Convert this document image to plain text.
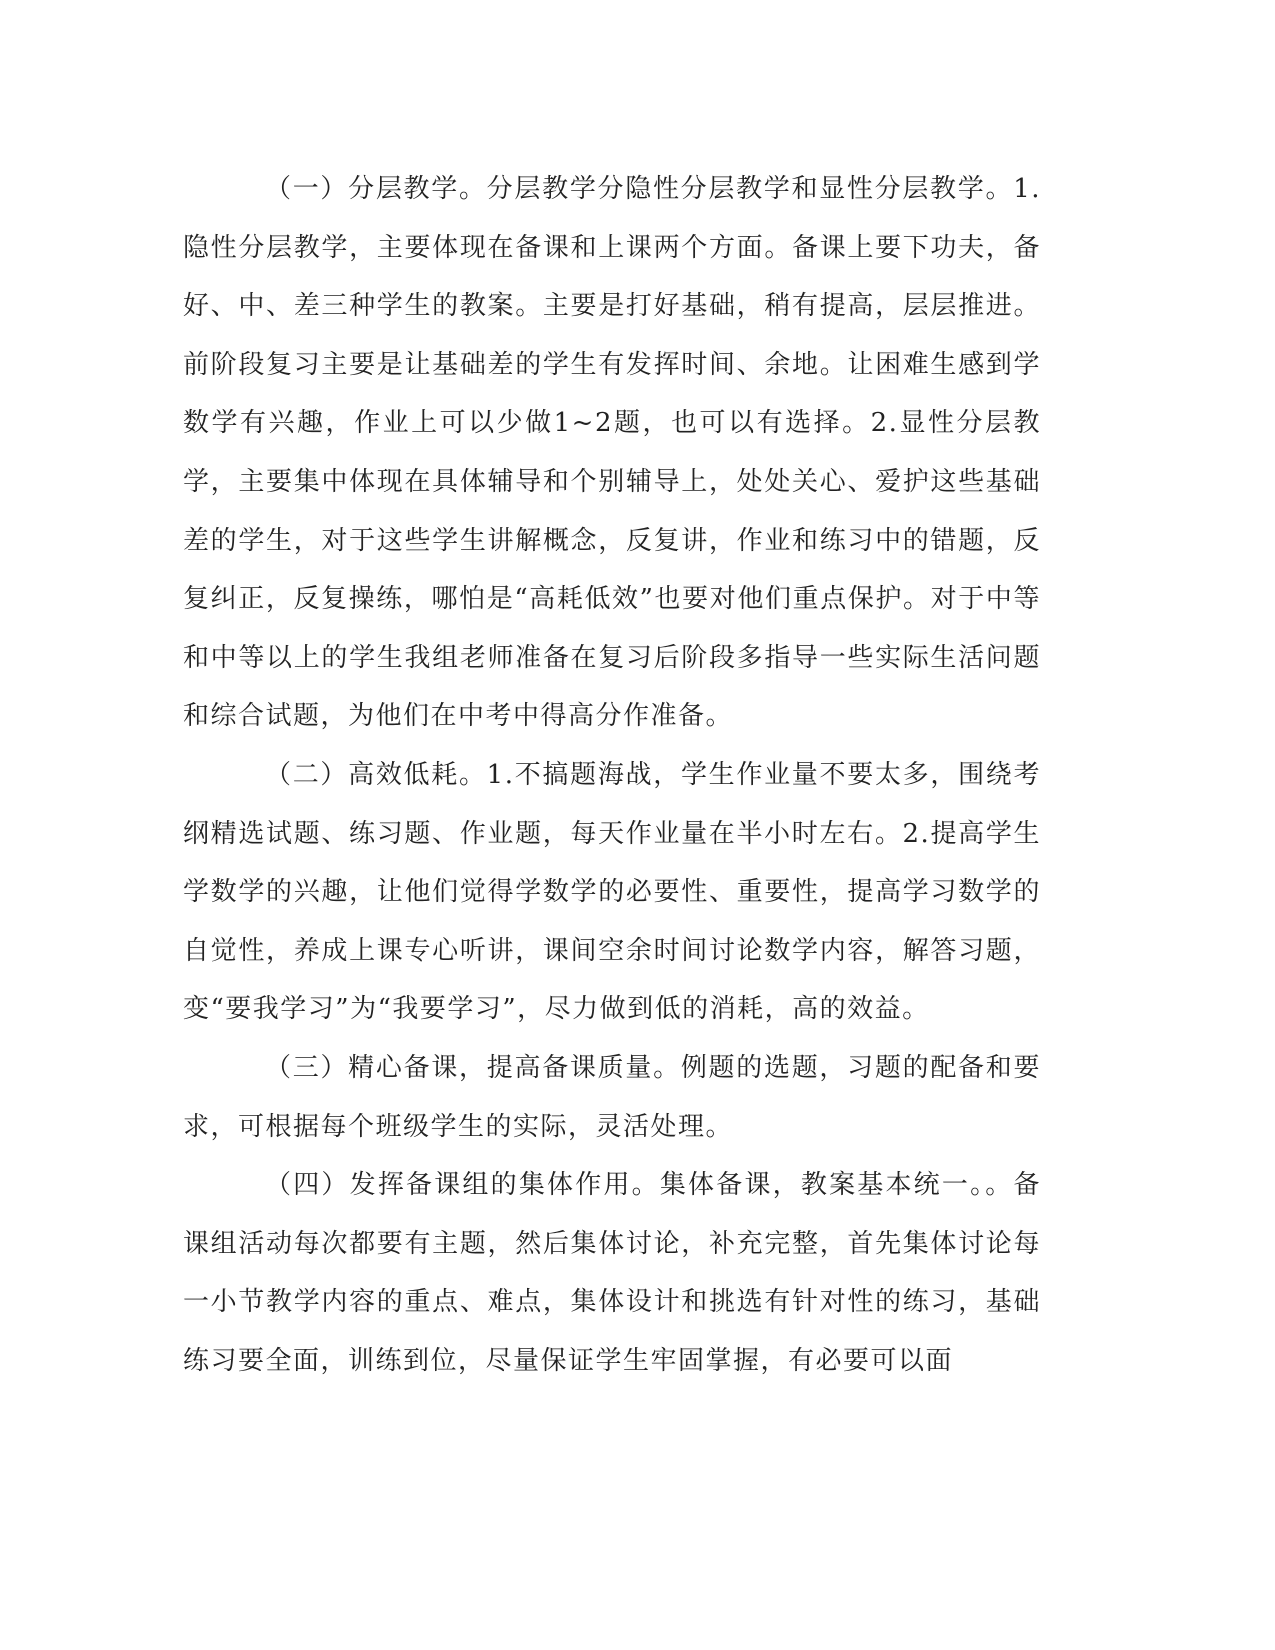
（一）分层教学。分层教学分隐性分层教学和显性分层教学。1.隐性分层教学，主要体现在备课和上课两个方面。备课上要下功夫，备好、中、差三种学生的教案。主要是打好基础，稍有提高，层层推进。前阶段复习主要是让基础差的学生有发挥时间、余地。让困难生感到学数学有兴趣，作业上可以少做1~2题，也可以有选择。2.显性分层教学，主要集中体现在具体辅导和个别辅导上，处处关心、爱护这些基础差的学生，对于这些学生讲解概念，反复讲，作业和练习中的错题，反复纠正，反复操练，哪怕是“高耗低效”也要对他们重点保护。对于中等和中等以上的学生我组老师准备在复习后阶段多指导一些实际生活问题和综合试题，为他们在中考中得高分作准备。

（二）高效低耗。1.不搞题海战，学生作业量不要太多，围绕考纲精选试题、练习题、作业题，每天作业量在半小时左右。2.提高学生学数学的兴趣，让他们觉得学数学的必要性、重要性，提高学习数学的自觉性，养成上课专心听讲，课间空余时间讨论数学内容，解答习题，变“要我学习”为“我要学习”，尽力做到低的消耗，高的效益。

（三）精心备课，提高备课质量。例题的选题，习题的配备和要求，可根据每个班级学生的实际，灵活处理。

（四）发挥备课组的集体作用。集体备课，教案基本统一。。备课组活动每次都要有主题，然后集体讨论，补充完整，首先集体讨论每一小节教学内容的重点、难点，集体设计和挑选有针对性的练习，基础练习要全面，训练到位，尽量保证学生牢固掌握，有必要可以面
